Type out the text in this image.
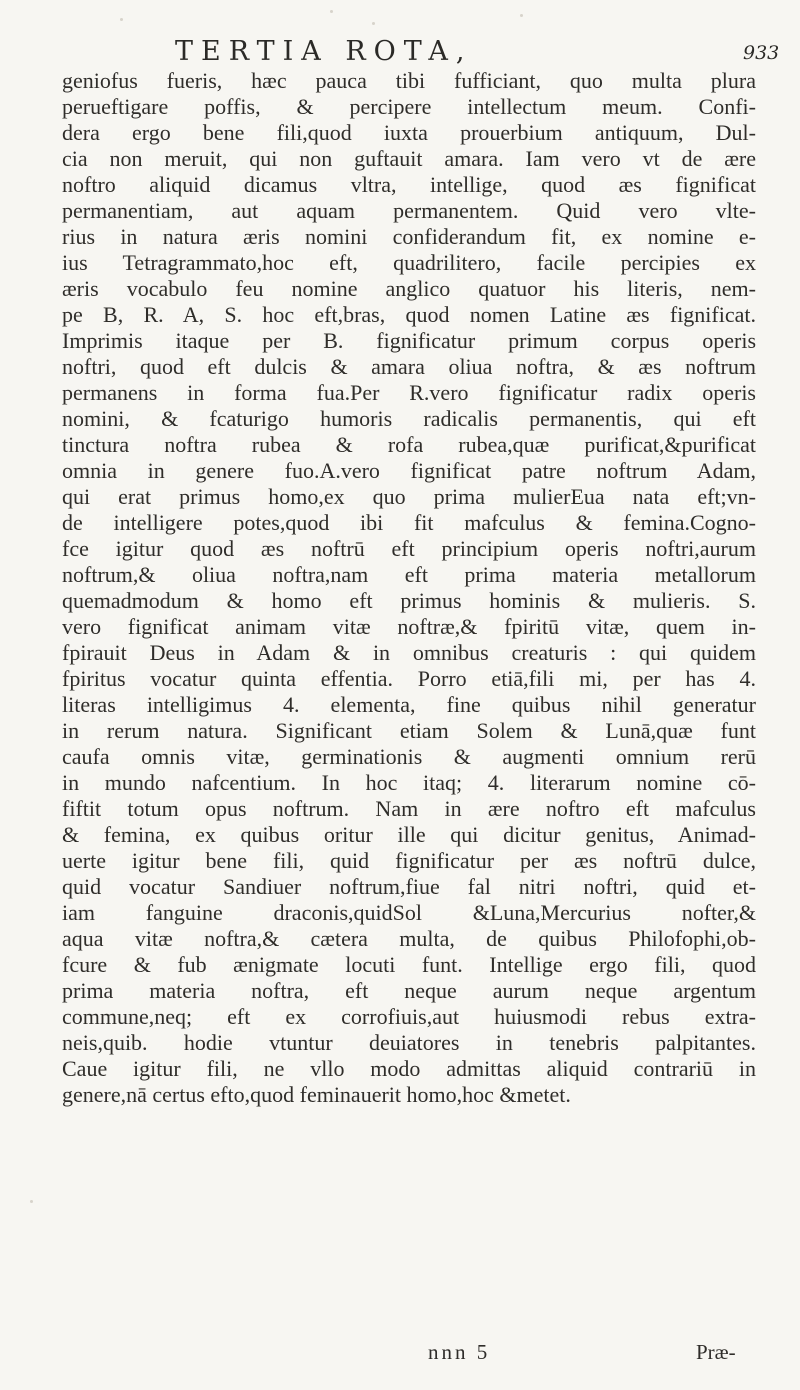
TERTIA ROTA,	933
geniofus fueris, hæc pauca tibi fufficiant, quo multa plura
perueftigare poffis, & percipere intellectum meum. Confi-
dera ergo bene fili,quod iuxta prouerbium antiquum, Dul-
cia non meruit, qui non guftauit amara. Iam vero vt de ære
noftro aliquid dicamus vltra, intellige, quod æs fignificat
permanentiam, aut aquam permanentem. Quid vero vlte-
rius in natura æris nomini confiderandum fit, ex nomine e-
ius Tetragrammato,hoc eft, quadrilitero, facile percipies ex
æris vocabulo feu nomine anglico quatuor his literis, nem-
pe B, R. A, S. hoc eft,bras, quod nomen Latine æs fignificat.
Imprimis itaque per B. fignificatur primum corpus operis
noftri, quod eft dulcis & amara oliua noftra, & æs noftrum
permanens in forma fua.Per R.vero fignificatur radix operis
nomini, & fcaturigo humoris radicalis permanentis, qui eft
tinctura noftra rubea & rofa rubea,quæ purificat,&purificat
omnia in genere fuo.A.vero fignificat patre noftrum Adam,
qui erat primus homo,ex quo prima mulierEua nata eft;vn-
de intelligere potes,quod ibi fit mafculus & femina.Cogno-
fce igitur quod æs noftrū eft principium operis noftri,aurum
noftrum,& oliua noftra,nam eft prima materia metallorum
quemadmodum & homo eft primus hominis & mulieris. S.
vero fignificat animam vitæ noftræ,& fpiritū vitæ, quem in-
fpirauit Deus in Adam & in omnibus creaturis : qui quidem
fpiritus vocatur quinta effentia. Porro etiā,fili mi, per has 4.
literas intelligimus 4. elementa, fine quibus nihil generatur
in rerum natura. Significant etiam Solem & Lunā,quæ funt
caufa omnis vitæ, germinationis & augmenti omnium rerū
in mundo nafcentium. In hoc itaq; 4. literarum nomine cō-
fiftit totum opus noftrum. Nam in ære noftro eft mafculus
& femina, ex quibus oritur ille qui dicitur genitus, Animad-
uerte igitur bene fili, quid fignificatur per æs noftrū dulce,
quid vocatur Sandiuer noftrum,fiue fal nitri noftri, quid et-
iam fanguine draconis,quidSol &Luna,Mercurius nofter,&
aqua vitæ noftra,& cætera multa, de quibus Philofophi,ob-
fcure & fub ænigmate locuti funt. Intellige ergo fili, quod
prima materia noftra, eft neque aurum neque argentum
commune,neq; eft ex corrofiuis,aut huiusmodi rebus extra-
neis,quib. hodie vtuntur deuiatores in tenebris palpitantes.
Caue igitur fili, ne vllo modo admittas aliquid contrariū in
genere,nā certus efto,quod feminauerit homo,hoc &metet.
nnn 5	Præ-
